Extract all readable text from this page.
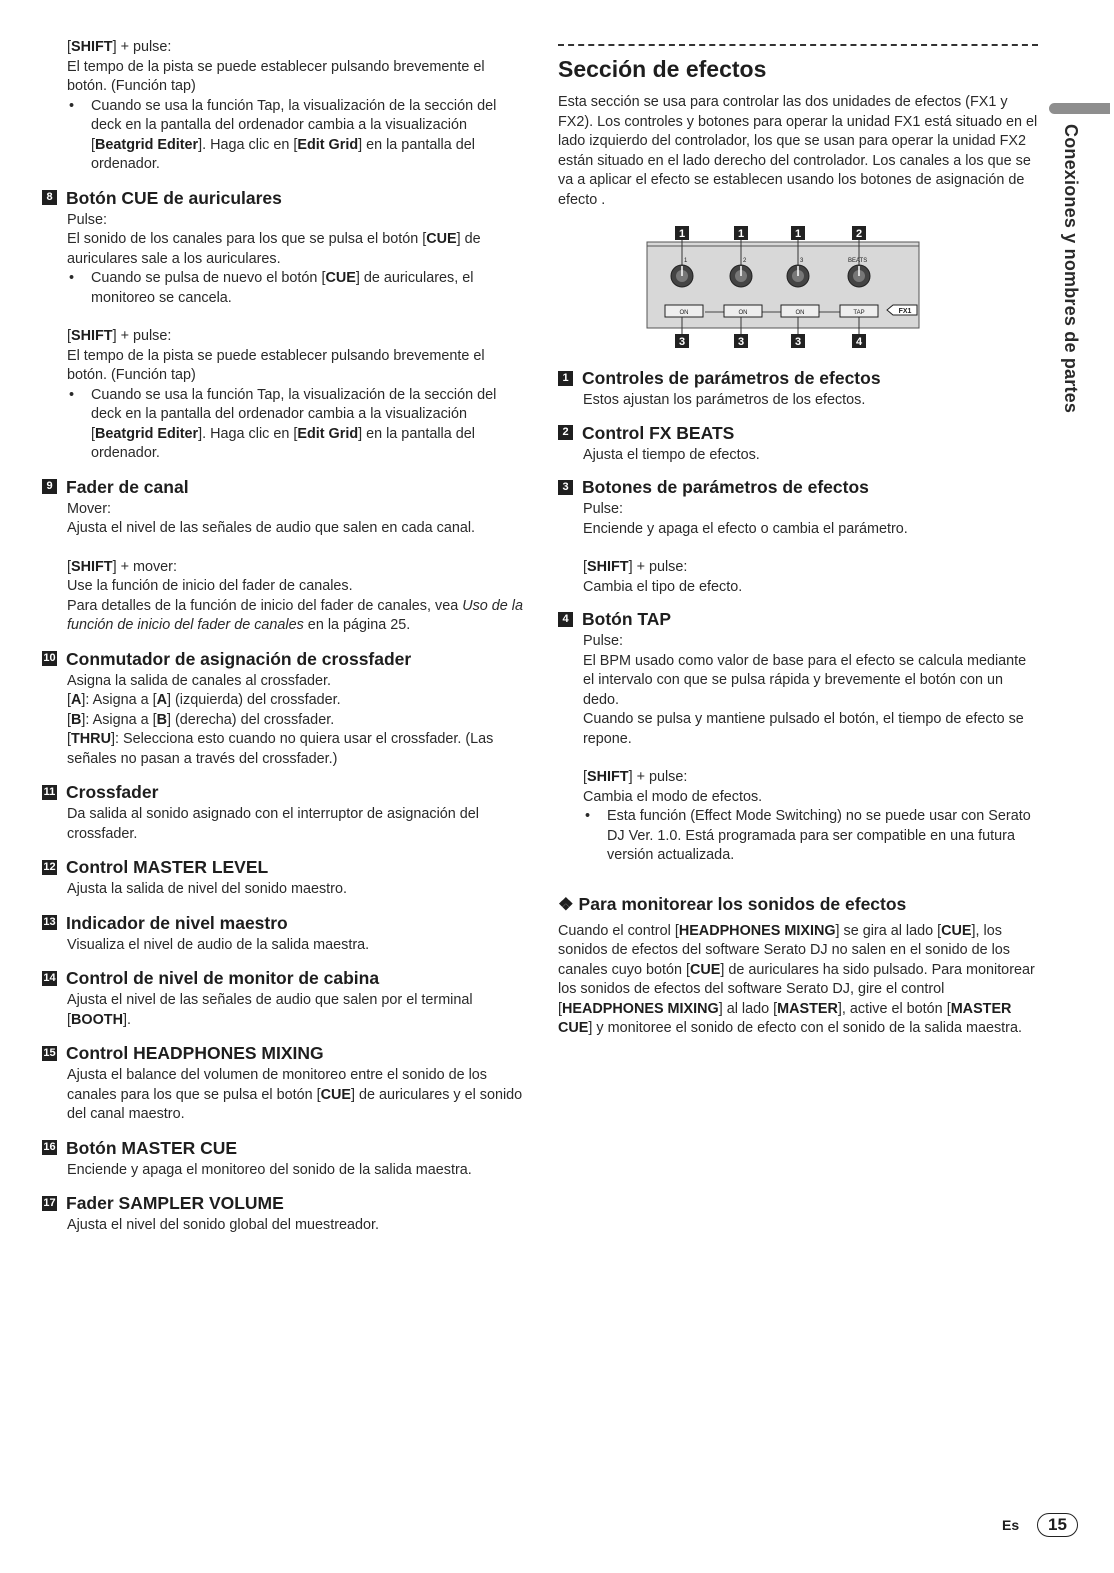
[SHIFT] + pulse:

El tempo de la pista se puede establecer pulsando brevemente el botón. (Función tap)

• Cuando se usa la función Tap, la visualización de la sección del deck en la pantalla del ordenador cambia a la visualización [Beatgrid Editer]. Haga clic en [Edit Grid] en la pantalla del ordenador.

8 Botón CUE de auriculares

Pulse:

El sonido de los canales para los que se pulsa el botón [CUE] de auriculares sale a los auriculares.

• Cuando se pulsa de nuevo el botón [CUE] de auriculares, el monitoreo se cancela.

[SHIFT] + pulse:

El tempo de la pista se puede establecer pulsando brevemente el botón. (Función tap)

• Cuando se usa la función Tap, la visualización de la sección del deck en la pantalla del ordenador cambia a la visualización [Beatgrid Editer]. Haga clic en [Edit Grid] en la pantalla del ordenador.

9 Fader de canal

Mover:

Ajusta el nivel de las señales de audio que salen en cada canal.

[SHIFT] + mover:

Use la función de inicio del fader de canales.

Para detalles de la función de inicio del fader de canales, vea Uso de la función de inicio del fader de canales en la página 25.

10 Conmutador de asignación de crossfader

Asigna la salida de canales al crossfader.

[A]: Asigna a [A] (izquierda) del crossfader.

[B]: Asigna a [B] (derecha) del crossfader.

[THRU]: Selecciona esto cuando no quiera usar el crossfader. (Las señales no pasan a través del crossfader.)

11 Crossfader

Da salida al sonido asignado con el interruptor de asignación del crossfader.

12 Control MASTER LEVEL

Ajusta la salida de nivel del sonido maestro.

13 Indicador de nivel maestro

Visualiza el nivel de audio de la salida maestra.

14 Control de nivel de monitor de cabina

Ajusta el nivel de las señales de audio que salen por el terminal [BOOTH].

15 Control HEADPHONES MIXING

Ajusta el balance del volumen de monitoreo entre el sonido de los canales para los que se pulsa el botón [CUE] de auriculares y el sonido del canal maestro.

16 Botón MASTER CUE

Enciende y apaga el monitoreo del sonido de la salida maestra.

17 Fader SAMPLER VOLUME

Ajusta el nivel del sonido global del muestreador.

Sección de efectos

Esta sección se usa para controlar las dos unidades de efectos (FX1 y FX2). Los controles y botones para operar la unidad FX1 está situado en el lado izquierdo del controlador, los que se usan para operar la unidad FX2 están situado en el lado derecho del controlador. Los canales a los que se va a aplicar el efecto se establecen usando los botones de asignación de efecto .

1	1	1	2
1	2	3	BEATS
ON	ON	ON	TAP	FX1
3	3	3	4
1 Controles de parámetros de efectos

Estos ajustan los parámetros de los efectos.

2 Control FX BEATS

Ajusta el tiempo de efectos.

3 Botones de parámetros de efectos

Pulse:

Enciende y apaga el efecto o cambia el parámetro.

[SHIFT] + pulse:

Cambia el tipo de efecto.

4 Botón TAP

Pulse:

El BPM usado como valor de base para el efecto se calcula mediante el intervalo con que se pulsa rápida y brevemente el botón con un dedo.

Cuando se pulsa y mantiene pulsado el botón, el tiempo de efecto se repone.

[SHIFT] + pulse:

Cambia el modo de efectos.

• Esta función (Effect Mode Switching) no se puede usar con Serato DJ Ver. 1.0. Está programada para ser compatible en una futura versión actualizada.

❖ Para monitorear los sonidos de efectos

Cuando el control [HEADPHONES MIXING] se gira al lado [CUE], los sonidos de efectos del software Serato DJ no salen en el sonido de los canales cuyo botón [CUE] de auriculares ha sido pulsado. Para monitorear los sonidos de efectos del software Serato DJ, gire el control [HEADPHONES MIXING] al lado [MASTER], active el botón [MASTER CUE] y monitoree el sonido de efecto con el sonido de la salida maestra.

Conexiones y nombres de partes
Es	15
